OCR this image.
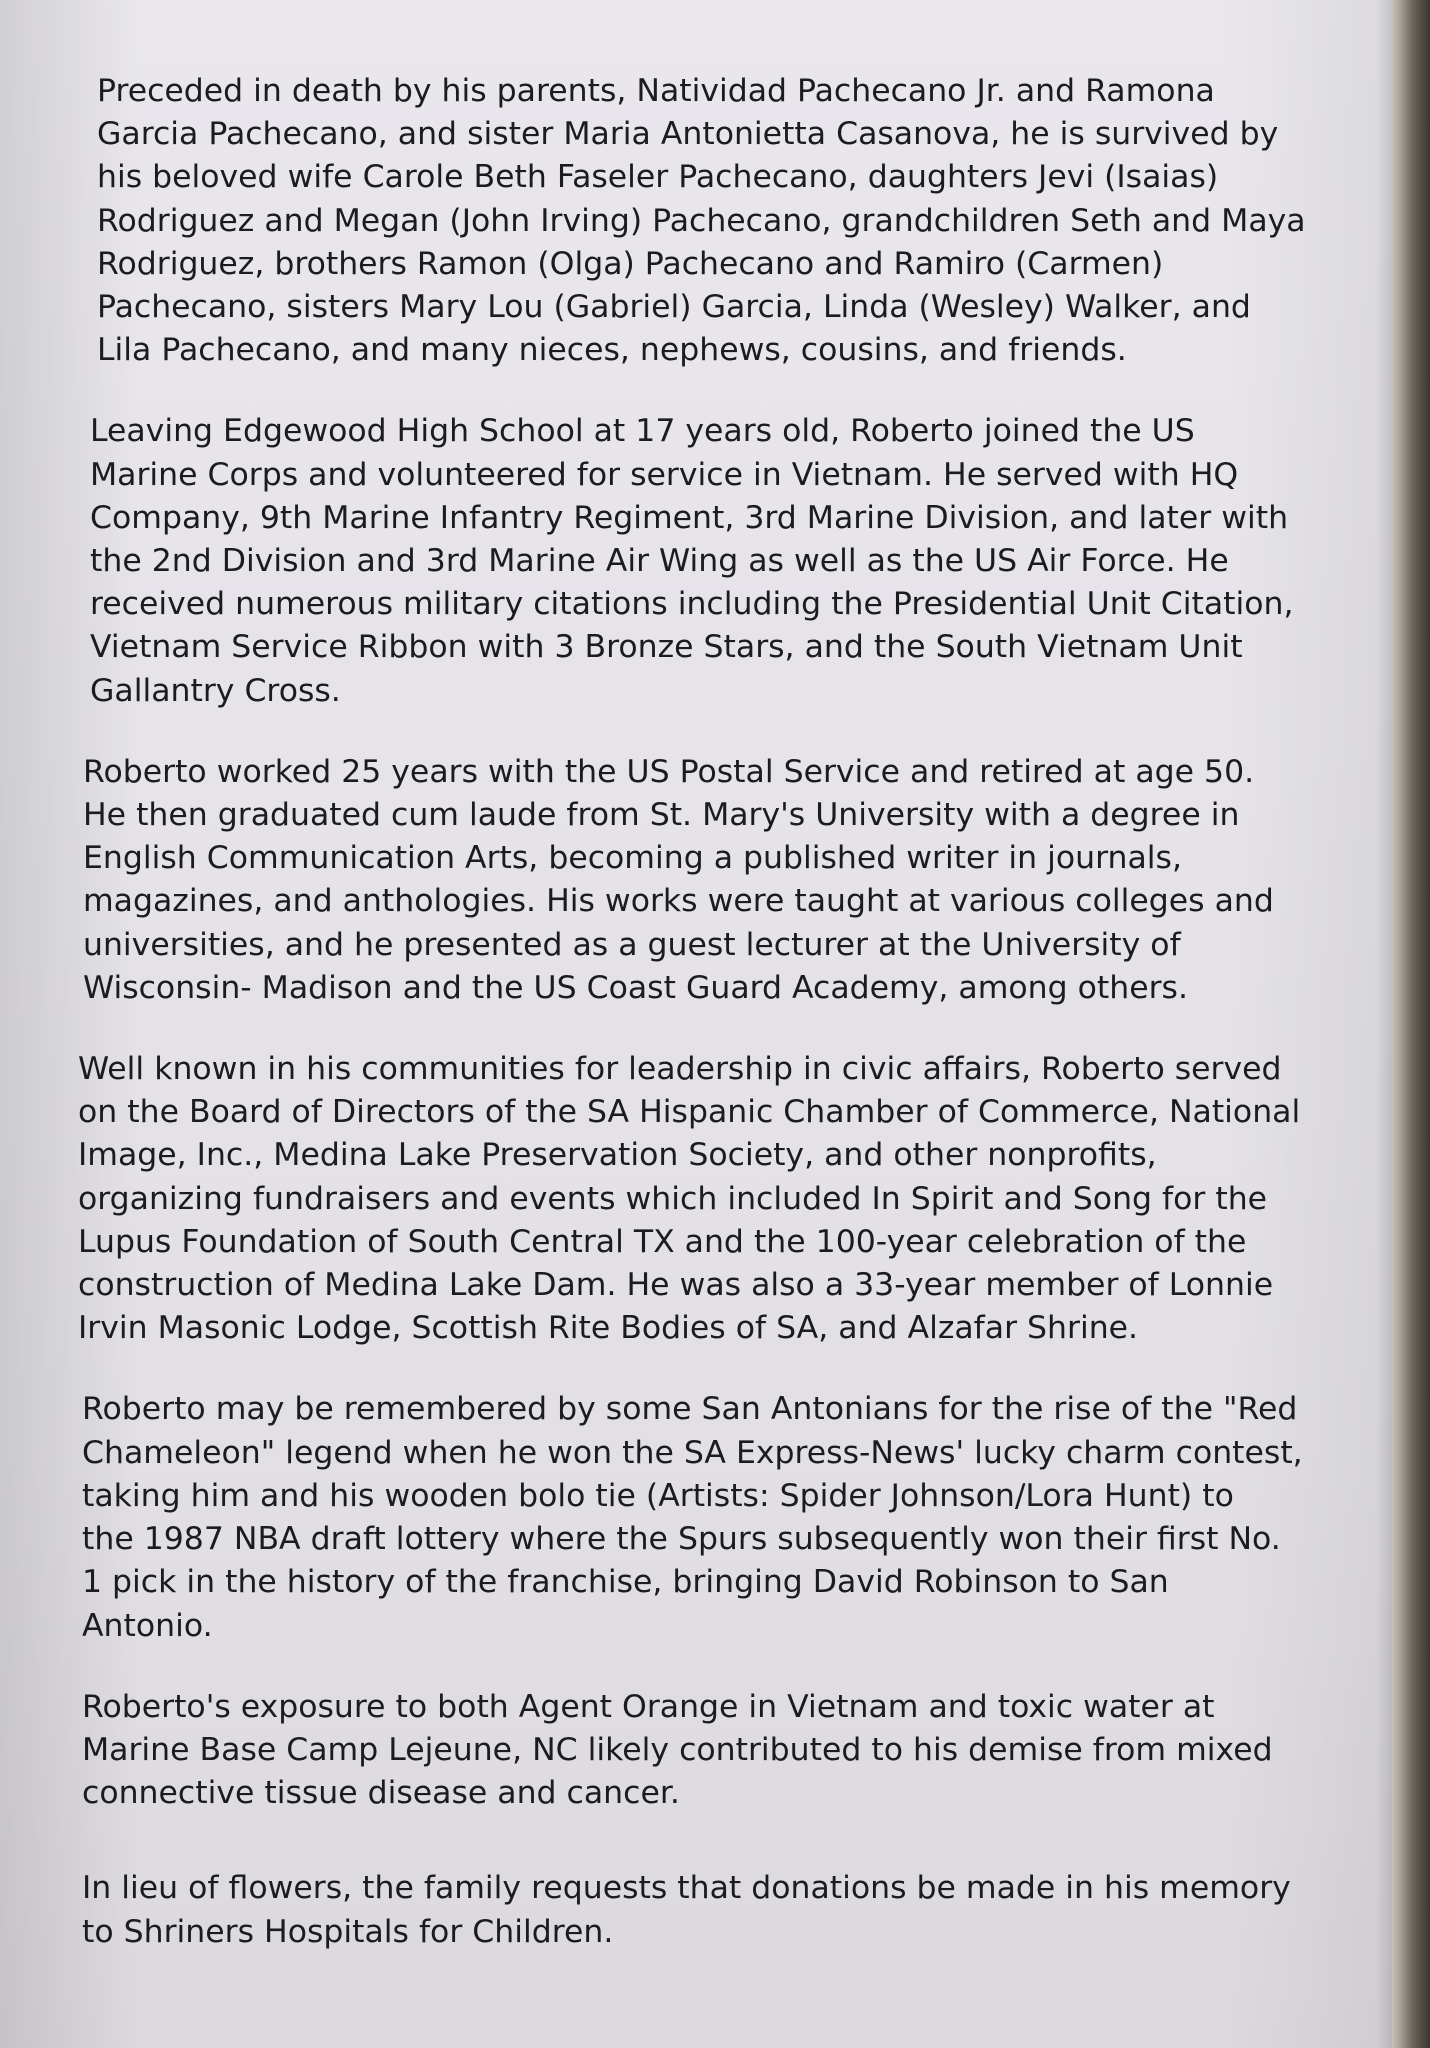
Preceded in death by his parents, Natividad Pachecano Jr. and Ramona
Garcia Pachecano, and sister Maria Antonietta Casanova, he is survived by
his beloved wife Carole Beth Faseler Pachecano, daughters Jevi (Isaias)
Rodriguez and Megan (John Irving) Pachecano, grandchildren Seth and Maya
Rodriguez, brothers Ramon (Olga) Pachecano and Ramiro (Carmen)
Pachecano, sisters Mary Lou (Gabriel) Garcia, Linda (Wesley) Walker, and
Lila Pachecano, and many nieces, nephews, cousins, and friends.
Leaving Edgewood High School at 17 years old, Roberto joined the US
Marine Corps and volunteered for service in Vietnam. He served with HQ
Company, 9th Marine Infantry Regiment, 3rd Marine Division, and later with
the 2nd Division and 3rd Marine Air Wing as well as the US Air Force. He
received numerous military citations including the Presidential Unit Citation,
Vietnam Service Ribbon with 3 Bronze Stars, and the South Vietnam Unit
Gallantry Cross.
Roberto worked 25 years with the US Postal Service and retired at age 50.
He then graduated cum laude from St. Mary's University with a degree in
English Communication Arts, becoming a published writer in journals,
magazines, and anthologies. His works were taught at various colleges and
universities, and he presented as a guest lecturer at the University of
Wisconsin- Madison and the US Coast Guard Academy, among others.
Well known in his communities for leadership in civic affairs, Roberto served
on the Board of Directors of the SA Hispanic Chamber of Commerce, National
Image, Inc., Medina Lake Preservation Society, and other nonprofits,
organizing fundraisers and events which included In Spirit and Song for the
Lupus Foundation of South Central TX and the 100-year celebration of the
construction of Medina Lake Dam. He was also a 33-year member of Lonnie
Irvin Masonic Lodge, Scottish Rite Bodies of SA, and Alzafar Shrine.
Roberto may be remembered by some San Antonians for the rise of the "Red
Chameleon" legend when he won the SA Express-News' lucky charm contest,
taking him and his wooden bolo tie (Artists: Spider Johnson/Lora Hunt) to
the 1987 NBA draft lottery where the Spurs subsequently won their first No.
1 pick in the history of the franchise, bringing David Robinson to San
Antonio.
Roberto's exposure to both Agent Orange in Vietnam and toxic water at
Marine Base Camp Lejeune, NC likely contributed to his demise from mixed
connective tissue disease and cancer.
In lieu of flowers, the family requests that donations be made in his memory
to Shriners Hospitals for Children.
